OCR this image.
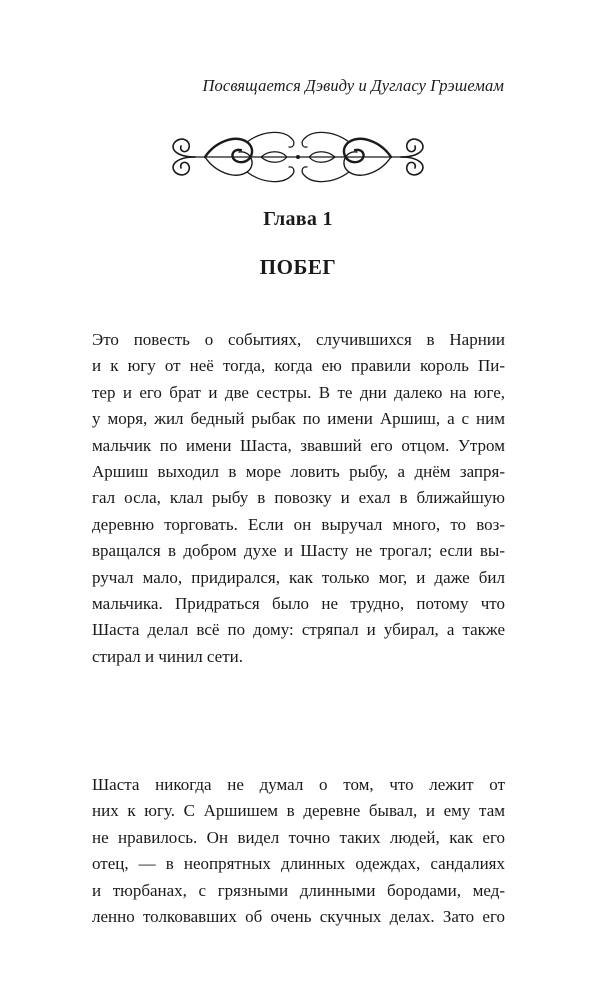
Посвящается Дэвиду и Дугласу Грэшемам
Глава 1
ПОБЕГ
Это повесть о событиях, случившихся в Нарнии
и к югу от неё тогда, когда ею правили король Пи-
тер и его брат и две сестры. В те дни далеко на юге,
у моря, жил бедный рыбак по имени Аршиш, а с ним
мальчик по имени Шаста, звавший его отцом. Утром
Аршиш выходил в море ловить рыбу, а днём запря-
гал осла, клал рыбу в повозку и ехал в ближайшую
деревню торговать. Если он выручал много, то воз-
вращался в добром духе и Шасту не трогал; если вы-
ручал мало, придирался, как только мог, и даже бил
мальчика. Придраться было не трудно, потому что
Шаста делал всё по дому: стряпал и убирал, а также
стирал и чинил сети.
Шаста никогда не думал о том, что лежит от
них к югу. С Аршишем в деревне бывал, и ему там
не нравилось. Он видел точно таких людей, как его
отец, — в неопрятных длинных одеждах, сандалиях
и тюрбанах, с грязными длинными бородами, мед-
ленно толковавших об очень скучных делах. Зато его
